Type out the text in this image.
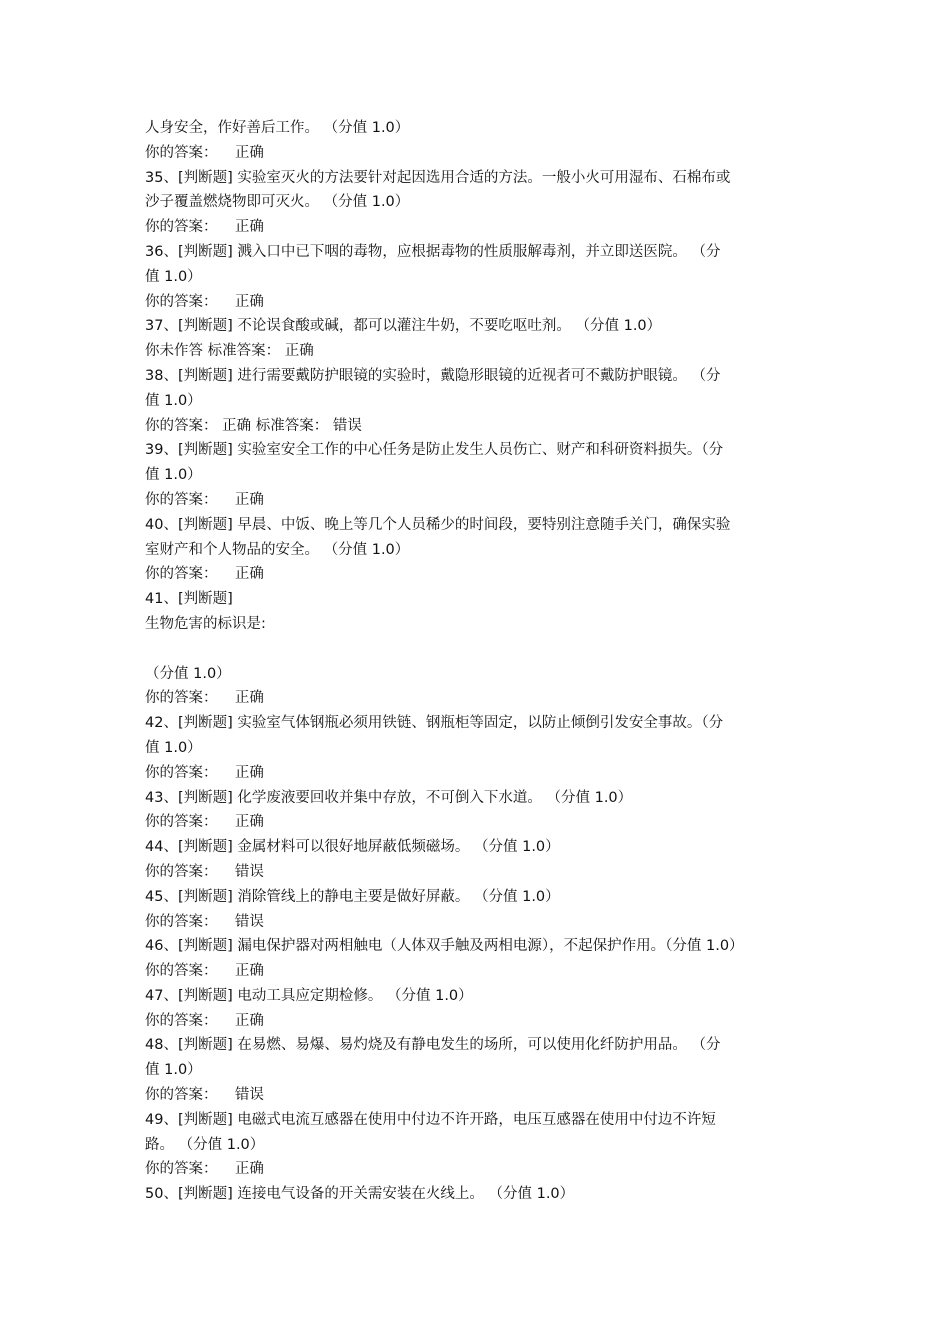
人身安全，作好善后工作。 （分值 1.0）
你的答案： 正确
35、[判断题] 实验室灭火的方法要针对起因选用合适的方法。一般小火可用湿布、石棉布或
沙子覆盖燃烧物即可灭火。 （分值 1.0）
你的答案： 正确
36、[判断题] 溅入口中已下咽的毒物，应根据毒物的性质服解毒剂，并立即送医院。 （分
值 1.0）
你的答案： 正确
37、[判断题] 不论误食酸或碱，都可以灌注牛奶，不要吃呕吐剂。 （分值 1.0）
你未作答 标准答案： 正确
38、[判断题] 进行需要戴防护眼镜的实验时，戴隐形眼镜的近视者可不戴防护眼镜。 （分
值 1.0）
你的答案： 正确 标准答案： 错误
39、[判断题] 实验室安全工作的中心任务是防止发生人员伤亡、财产和科研资料损失。（分
值 1.0）
你的答案： 正确
40、[判断题] 早晨、中饭、晚上等几个人员稀少的时间段，要特别注意随手关门，确保实验
室财产和个人物品的安全。 （分值 1.0）
你的答案： 正确
41、[判断题]
生物危害的标识是:
（分值 1.0）
你的答案： 正确
42、[判断题] 实验室气体钢瓶必须用铁链、钢瓶柜等固定，以防止倾倒引发安全事故。（分
值 1.0）
你的答案： 正确
43、[判断题] 化学废液要回收并集中存放，不可倒入下水道。 （分值 1.0）
你的答案： 正确
44、[判断题] 金属材料可以很好地屏蔽低频磁场。 （分值 1.0）
你的答案： 错误
45、[判断题] 消除管线上的静电主要是做好屏蔽。 （分值 1.0）
你的答案： 错误
46、[判断题] 漏电保护器对两相触电（人体双手触及两相电源），不起保护作用。（分值 1.0）
你的答案： 正确
47、[判断题] 电动工具应定期检修。 （分值 1.0）
你的答案： 正确
48、[判断题] 在易燃、易爆、易灼烧及有静电发生的场所，可以使用化纤防护用品。 （分
值 1.0）
你的答案： 错误
49、[判断题] 电磁式电流互感器在使用中付边不许开路，电压互感器在使用中付边不许短
路。 （分值 1.0）
你的答案： 正确
50、[判断题] 连接电气设备的开关需安装在火线上。 （分值 1.0）
